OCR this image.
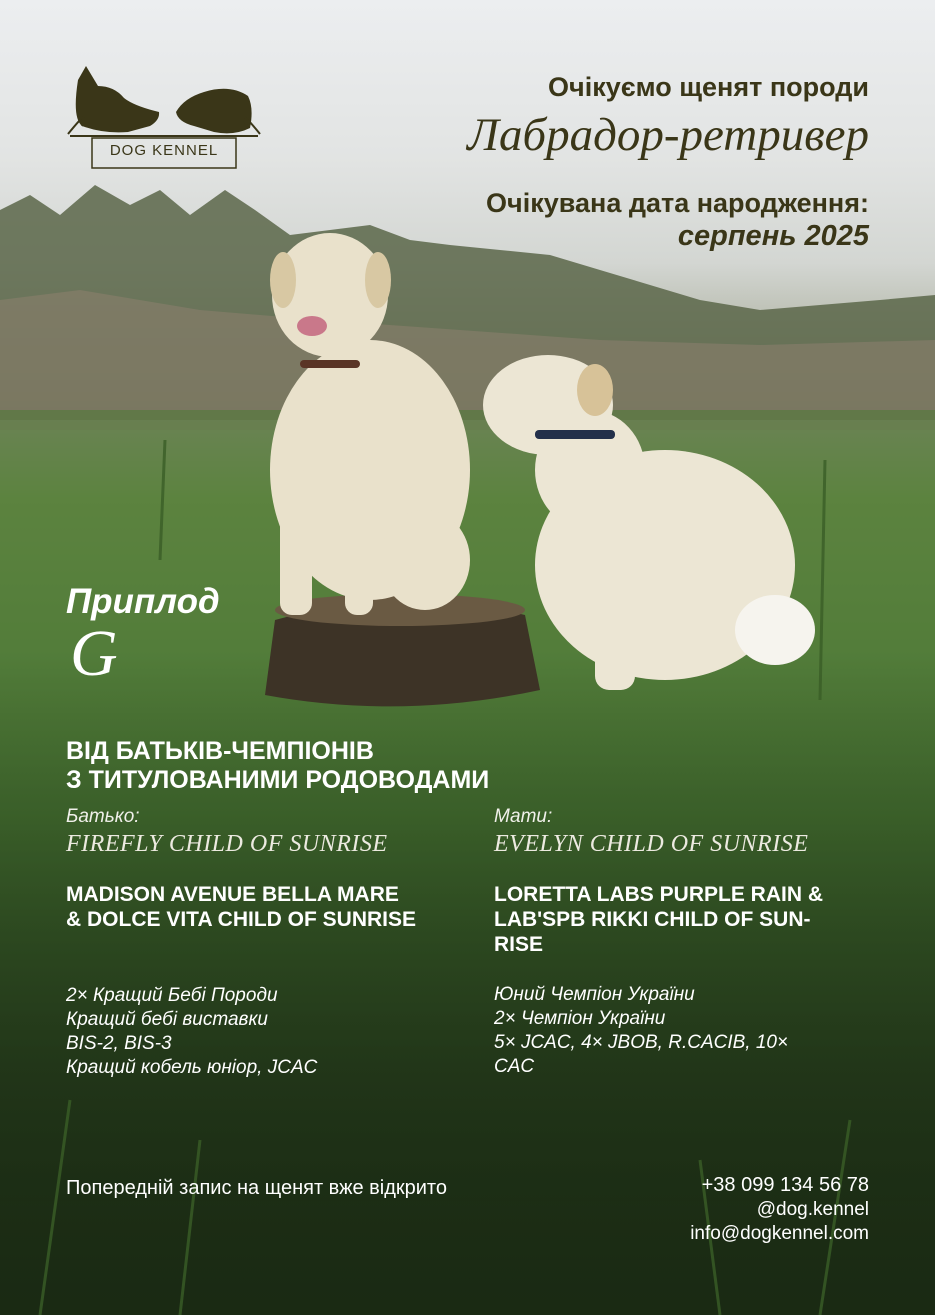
DOG KENNEL
Очікуємо щенят породи
Лабрадор-ретривер
Очікувана дата народження:
серпень 2025
Приплод
G
ВІД БАТЬКІВ-ЧЕМПІОНІВ
З ТИТУЛОВАНИМИ РОДОВОДАМИ
Батько:
FIREFLY CHILD OF SUNRISE
MADISON AVENUE BELLA MARE
& DOLCE VITA CHILD OF SUNRISE
2× Кращий Бебі Породи
Кращий бебі виставки
BIS-2, BIS-3
Кращий кобель юніор, JCAC
Мати:
EVELYN CHILD OF SUNRISE
LORETTA LABS PURPLE RAIN &
LAB'SPB RIKKI CHILD OF SUN-
RISE
Юний Чемпіон України
2× Чемпіон України
5× JCAC, 4× JBOB, R.CACIB, 10×
CAC
Попередній запис на щенят вже відкрито	+38 099 134 56 78
@dog.kennel
info@dogkennel.com
